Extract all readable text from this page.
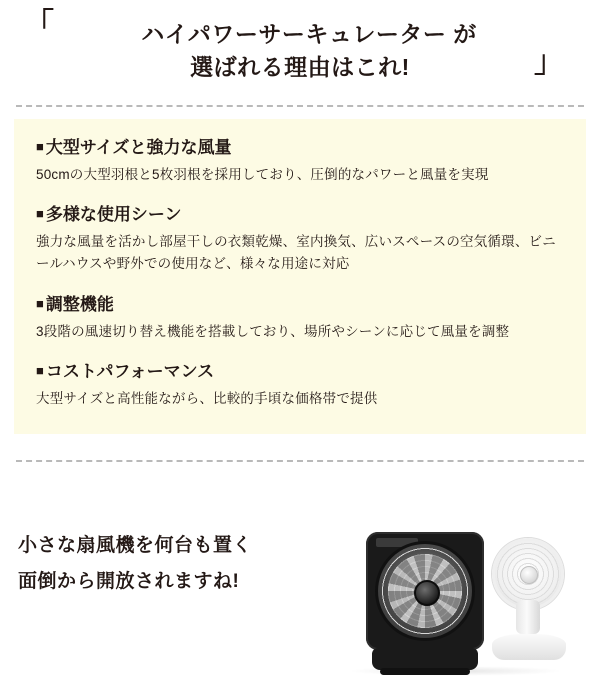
「	ハイパワーサーキュレーター が
選ばれる理由はこれ!	」

■ 大型サイズと強力な風量

50cmの大型羽根と5枚羽根を採用しており、圧倒的なパワーと風量を実現

■ 多様な使用シーン

強力な風量を活かし部屋干しの衣類乾燥、室内換気、広いスペースの空気循環、ビニールハウスや野外での使用など、様々な用途に対応

■ 調整機能

3段階の風速切り替え機能を搭載しており、場所やシーンに応じて風量を調整

■ コストパフォーマンス

大型サイズと高性能ながら、比較的手頃な価格帯で提供

小さな扇風機を何台も置く
面倒から開放されますね!
